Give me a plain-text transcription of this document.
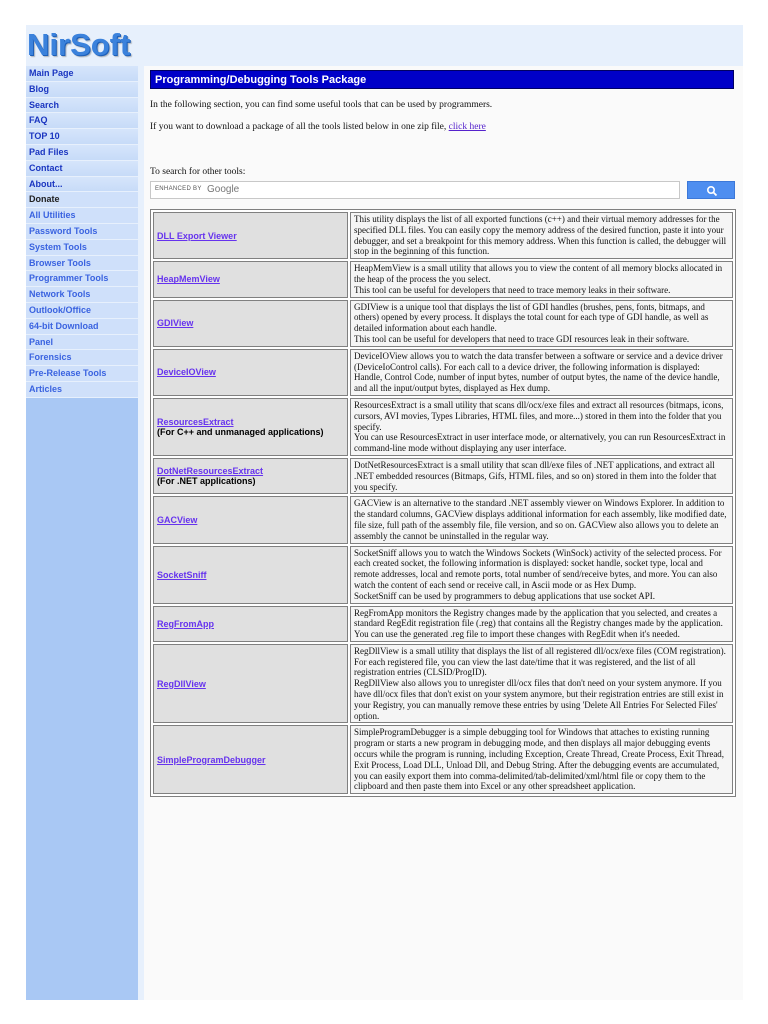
NirSoft
Main Page
Blog
Search
FAQ
TOP 10
Pad Files
Contact
About...
Donate
All Utilities
Password Tools
System Tools
Browser Tools
Programmer Tools
Network Tools
Outlook/Office
64-bit Download
Panel
Forensics
Pre-Release Tools
Articles
Programming/Debugging Tools Package
In the following section, you can find some useful tools that can be used by programmers.
If you want to download a package of all the tools listed below in one zip file, click here
To search for other tools:
ENHANCED BY Google
DLL Export Viewer	This utility displays the list of all exported functions (c++) and their virtual memory addresses for the specified DLL files. You can easily copy the memory address of the desired function, paste it into your debugger, and set a breakpoint for this memory address. When this function is called, the debugger will stop in the beginning of this function.

HeapMemView	HeapMemView is a small utility that allows you to view the content of all memory blocks allocated in the heap of the process the you select.
This tool can be useful for developers that need to trace memory leaks in their software.

GDIView	GDIView is a unique tool that displays the list of GDI handles (brushes, pens, fonts, bitmaps, and others) opened by every process. It displays the total count for each type of GDI handle, as well as detailed information about each handle.
This tool can be useful for developers that need to trace GDI resources leak in their software.

DeviceIOView	DeviceIOView allows you to watch the data transfer between a software or service and a device driver (DeviceIoControl calls). For each call to a device driver, the following information is displayed: Handle, Control Code, number of input bytes, number of output bytes, the name of the device handle, and all the input/output bytes, displayed as Hex dump.

ResourcesExtract
(For C++ and unmanaged applications)	ResourcesExtract is a small utility that scans dll/ocx/exe files and extract all resources (bitmaps, icons, cursors, AVI movies, Types Libraries, HTML files, and more...) stored in them into the folder that you specify.
You can use ResourcesExtract in user interface mode, or alternatively, you can run ResourcesExtract in command-line mode without displaying any user interface.

DotNetResourcesExtract
(For .NET applications)	DotNetResourcesExtract is a small utility that scan dll/exe files of .NET applications, and extract all .NET embedded resources (Bitmaps, Gifs, HTML files, and so on) stored in them into the folder that you specify.

GACView	GACView is an alternative to the standard .NET assembly viewer on Windows Explorer. In addition to the standard columns, GACView displays additional information for each assembly, like modified date, file size, full path of the assembly file, file version, and so on. GACView also allows you to delete an assembly the cannot be uninstalled in the regular way.

SocketSniff	SocketSniff allows you to watch the Windows Sockets (WinSock) activity of the selected process. For each created socket, the following information is displayed: socket handle, socket type, local and remote addresses, local and remote ports, total number of send/receive bytes, and more. You can also watch the content of each send or receive call, in Ascii mode or as Hex Dump.
SocketSniff can be used by programmers to debug applications that use socket API.

RegFromApp	RegFromApp monitors the Registry changes made by the application that you selected, and creates a standard RegEdit registration file (.reg) that contains all the Registry changes made by the application. You can use the generated .reg file to import these changes with RegEdit when it's needed.

RegDllView	RegDllView is a small utility that displays the list of all registered dll/ocx/exe files (COM registration). For each registered file, you can view the last date/time that it was registered, and the list of all registration entries (CLSID/ProgID).
RegDllView also allows you to unregister dll/ocx files that don't need on your system anymore. If you have dll/ocx files that don't exist on your system anymore, but their registration entries are still exist in your Registry, you can manually remove these entries by using 'Delete All Entries For Selected Files' option.

SimpleProgramDebugger	SimpleProgramDebugger is a simple debugging tool for Windows that attaches to existing running program or starts a new program in debugging mode, and then displays all major debugging events occurs while the program is running, including Exception, Create Thread, Create Process, Exit Thread, Exit Process, Load DLL, Unload Dll, and Debug String. After the debugging events are accumulated, you can easily export them into comma-delimited/tab-delimited/xml/html file or copy them to the clipboard and then paste them into Excel or any other spreadsheet application.
